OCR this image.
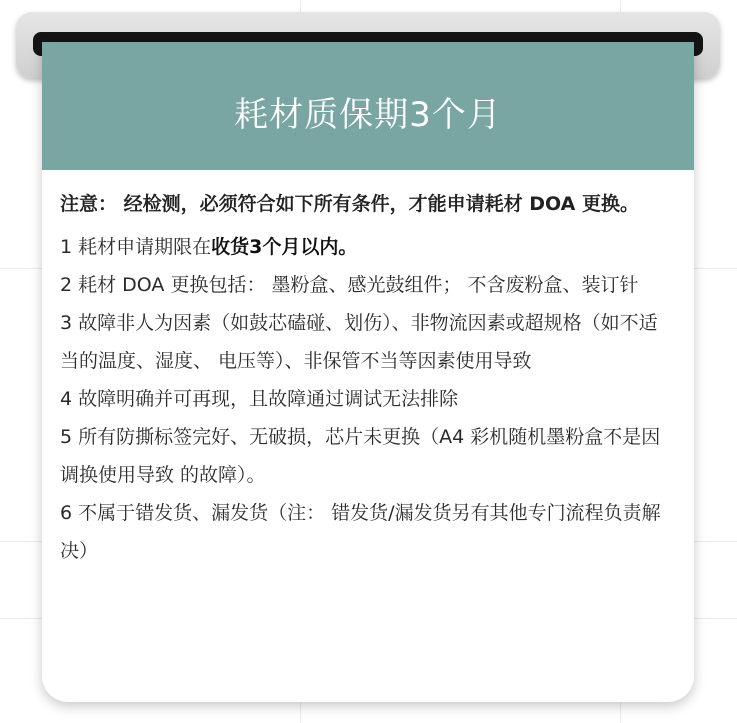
耗材质保期3个月
注意： 经检测，必须符合如下所有条件，才能申请耗材 DOA 更换。
1 耗材申请期限在收货3个月以内。
2 耗材 DOA 更换包括： 墨粉盒、感光鼓组件； 不含废粉盒、装订针
3 故障非人为因素（如鼓芯磕碰、划伤）、非物流因素或超规格（如不适当的温度、湿度、 电压等）、非保管不当等因素使用导致
4 故障明确并可再现，且故障通过调试无法排除
5 所有防撕标签完好、无破损，芯片未更换（A4 彩机随机墨粉盒不是因调换使用导致 的故障）。
6 不属于错发货、漏发货（注： 错发货/漏发货另有其他专门流程负责解决）
